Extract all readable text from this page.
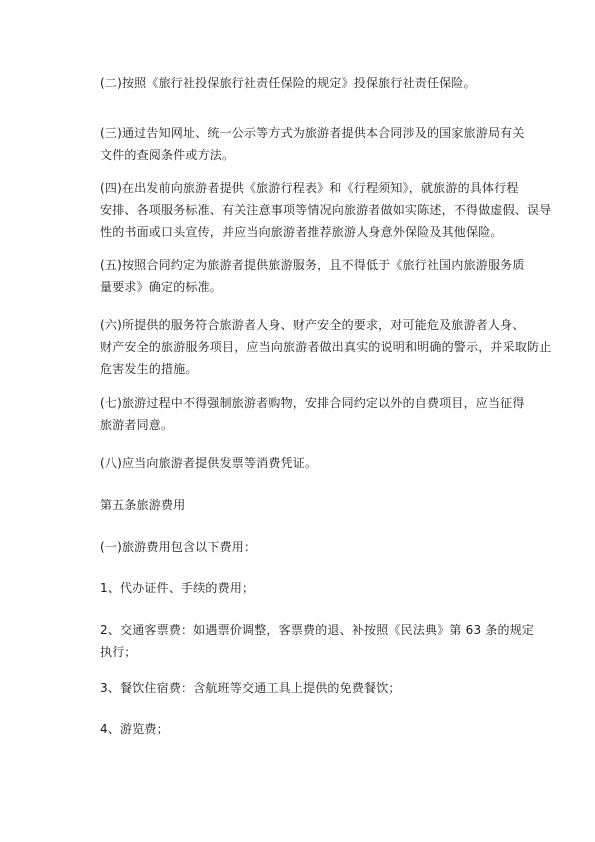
(二)按照《旅行社投保旅行社责任保险的规定》投保旅行社责任保险。

(三)通过告知网址、统一公示等方式为旅游者提供本合同涉及的国家旅游局有关
文件的查阅条件或方法。

(四)在出发前向旅游者提供《旅游行程表》和《行程须知》，就旅游的具体行程
安排、各项服务标准、有关注意事项等情况向旅游者做如实陈述，不得做虚假、误导
性的书面或口头宣传，并应当向旅游者推荐旅游人身意外保险及其他保险。

(五)按照合同约定为旅游者提供旅游服务，且不得低于《旅行社国内旅游服务质
量要求》确定的标准。

(六)所提供的服务符合旅游者人身、财产安全的要求，对可能危及旅游者人身、
财产安全的旅游服务项目，应当向旅游者做出真实的说明和明确的警示，并采取防止
危害发生的措施。

(七)旅游过程中不得强制旅游者购物，安排合同约定以外的自费项目，应当征得
旅游者同意。

(八)应当向旅游者提供发票等消费凭证。

第五条旅游费用

(一)旅游费用包含以下费用：

1、代办证件、手续的费用；

2、交通客票费：如遇票价调整，客票费的退、补按照《民法典》第 63 条的规定
执行；

3、餐饮住宿费：含航班等交通工具上提供的免费餐饮；

4、游览费；
